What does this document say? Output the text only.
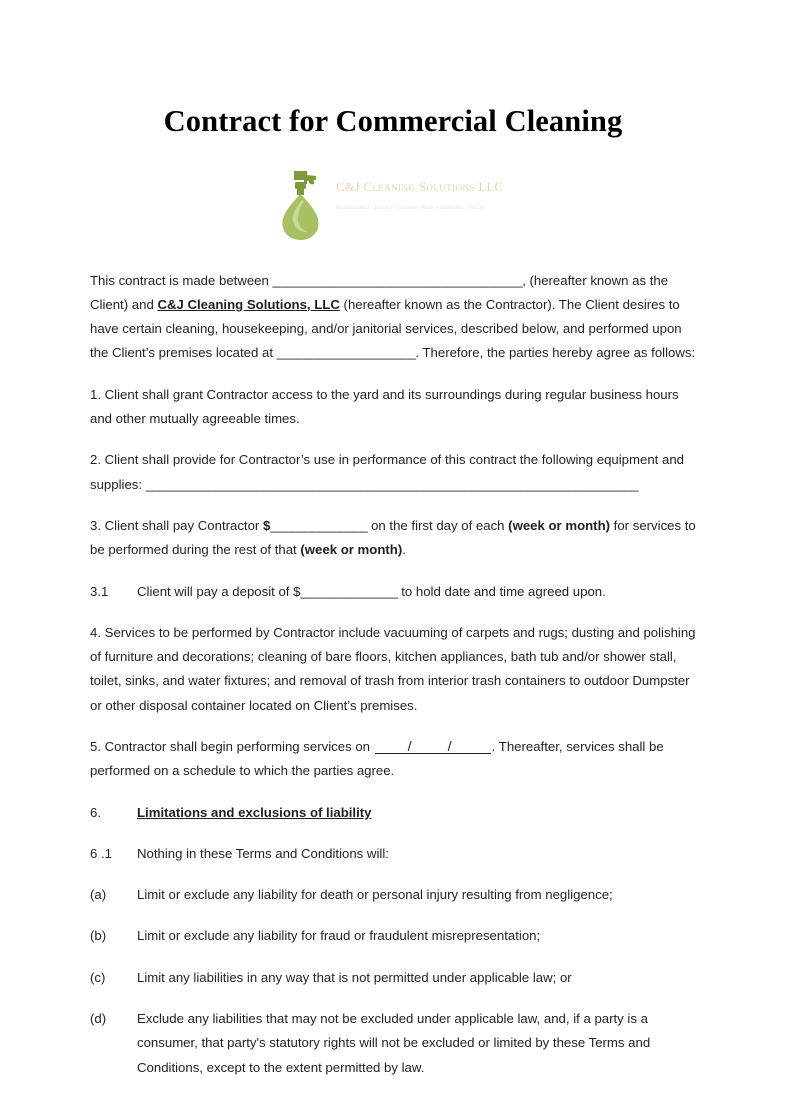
Contract for Commercial Cleaning
C&J Cleaning Solutions LLC
Professional Quality Cleaning With a Personal Touch

This contract is made between ____________________________________, (hereafter known as the Client) and C&J Cleaning Solutions, LLC (hereafter known as the Contractor). The Client desires to have certain cleaning, housekeeping, and/or janitorial services, described below, and performed upon the Client’s premises located at ____________________. Therefore, the parties hereby agree as follows:

1. Client shall grant Contractor access to the yard and its surroundings during regular business hours and other mutually agreeable times.

2. Client shall provide for Contractor’s use in performance of this contract the following equipment and supplies: _______________________________________________________________________

3. Client shall pay Contractor $______________ on the first day of each (week or month) for services to be performed during the rest of that (week or month).

3.1	Client will pay a deposit of $______________ to hold date and time agreed upon.

4. Services to be performed by Contractor include vacuuming of carpets and rugs; dusting and polishing of furniture and decorations; cleaning of bare floors, kitchen appliances, bath tub and/or shower stall, toilet, sinks, and water fixtures; and removal of trash from interior trash containers to outdoor Dumpster or other disposal container located on Client’s premises.

5. Contractor shall begin performing services on /	/	. Thereafter, services shall be performed on a schedule to which the parties agree.

6.	Limitations and exclusions of liability
6 .1	Nothing in these Terms and Conditions will:
(a)	Limit or exclude any liability for death or personal injury resulting from negligence;
(b)	Limit or exclude any liability for fraud or fraudulent misrepresentation;
(c)	Limit any liabilities in any way that is not permitted under applicable law; or
(d)	Exclude any liabilities that may not be excluded under applicable law, and, if a party is a consumer, that party's statutory rights will not be excluded or limited by these Terms and Conditions, except to the extent permitted by law.
